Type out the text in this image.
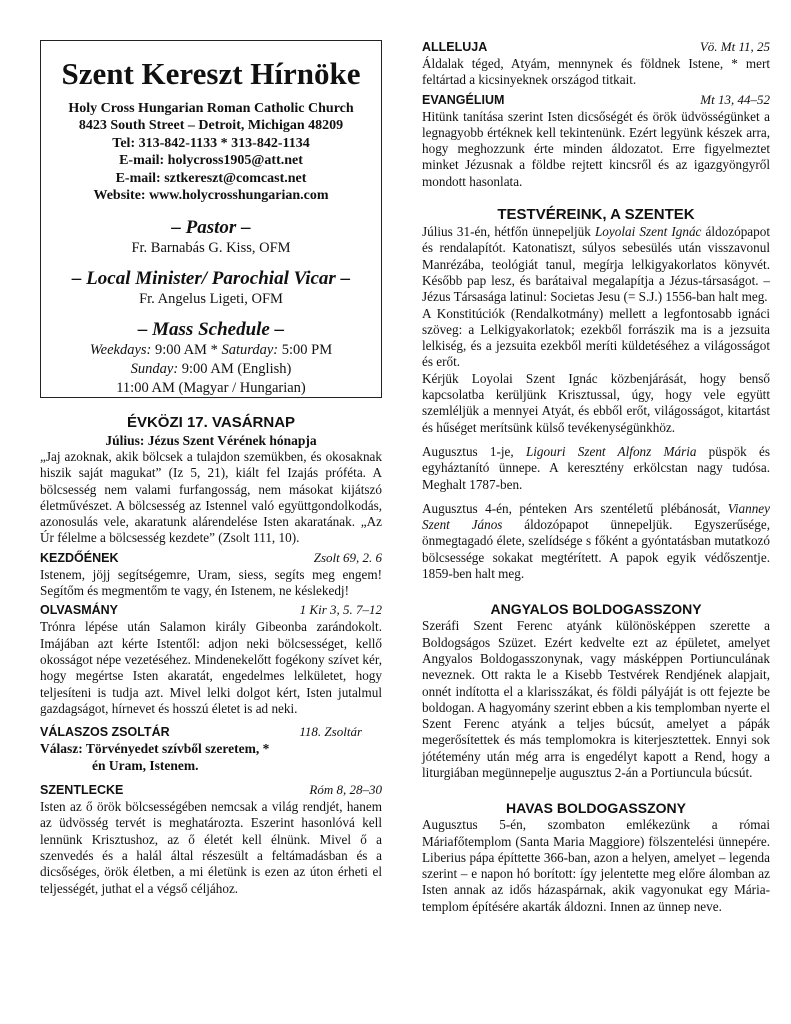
Szent Kereszt Hírnöke
Holy Cross Hungarian Roman Catholic Church
8423 South Street – Detroit, Michigan 48209
Tel: 313-842-1133 * 313-842-1134
E-mail: holycross1905@att.net
E-mail: sztkereszt@comcast.net
Website: www.holycrosshungarian.com
– Pastor –
Fr. Barnabás G. Kiss, OFM
– Local Minister/ Parochial Vicar –
Fr. Angelus Ligeti, OFM
– Mass Schedule –
Weekdays: 9:00 AM * Saturday: 5:00 PM
Sunday: 9:00 AM (English)
11:00 AM (Magyar / Hungarian)
ÉVKÖZI 17. VASÁRNAP
Július: Jézus Szent Vérének hónapja

„Jaj azoknak, akik bölcsek a tulajdon szemükben, és okosaknak hiszik saját magukat” (Iz 5, 21), kiált fel Izajás próféta. A bölcsesség nem valami furfangosság, nem másokat kijátszó életművészet. A bölcsesség az Istennel való együttgondolkodás, azonosulás vele, akaratunk alárendelése Isten akaratának. „Az Úr félelme a bölcsesség kezdete” (Zsolt 111, 10).

KEZDŐÉNEK	Zsolt 69, 2. 6

Istenem, jöjj segítségemre, Uram, siess, segíts meg engem! Segítőm és megmentőm te vagy, én Istenem, ne késlekedj!

OLVASMÁNY	1 Kir 3, 5. 7–12

Trónra lépése után Salamon király Gibeonba zarándokolt. Imájában azt kérte Istentől: adjon neki bölcsességet, kellő okosságot népe vezetéséhez. Mindenekelőtt fogékony szívet kér, hogy megértse Isten akaratát, engedelmes lelkületet, hogy teljesíteni is tudja azt. Mivel lelki dolgot kért, Isten jutalmul gazdagságot, hírnevet és hosszú életet is ad neki.

VÁLASZOS ZSOLTÁR	118. Zsoltár
Válasz: Törvényedet szívből szeretem, *
én Uram, Istenem.
SZENTLECKE	Róm 8, 28–30

Isten az ő örök bölcsességében nemcsak a világ rendjét, hanem az üdvösség tervét is meghatározta. Eszerint hasonlóvá kell lennünk Krisztushoz, az ő életét kell élnünk. Mivel ő a szenvedés és a halál által részesült a feltámadásban és a dicsőséges, örök életben, a mi életünk is ezen az úton érheti el teljességét, juthat el a végső céljához.

ALLELUJA	Vö. Mt 11, 25

Áldalak téged, Atyám, mennynek és földnek Istene, * mert feltártad a kicsinyeknek országod titkait.

EVANGÉLIUM	Mt 13, 44–52

Hitünk tanítása szerint Isten dicsőségét és örök üdvösségünket a legnagyobb értéknek kell tekintenünk. Ezért legyünk készek arra, hogy meghozzunk érte minden áldozatot. Erre figyelmeztet minket Jézusnak a földbe rejtett kincsről és az igazgyöngyről mondott hasonlata.

TESTVÉREINK, A SZENTEK

Július 31-én, hétfőn ünnepeljük Loyolai Szent Ignác áldozópapot és rendalapítót. Katonatiszt, súlyos sebesülés után visszavonul Manrézába, teológiát tanul, megírja lelkigyakorlatos könyvét. Később pap lesz, és barátaival megalapítja a Jézus-társaságot. – Jézus Társasága latinul: Societas Jesu (= S.J.) 1556-ban halt meg.

A Konstitúciók (Rendalkotmány) mellett a legfontosabb ignáci szöveg: a Lelkigyakorlatok; ezekből forrászik ma is a jezsuita lelkiség, és a jezsuita ezekből meríti küldetéséhez a világosságot és erőt.

Kérjük Loyolai Szent Ignác közbenjárását, hogy benső kapcsolatba kerüljünk Krisztussal, úgy, hogy vele együtt szemléljük a mennyei Atyát, és ebből erőt, világosságot, kitartást és hűséget merítsünk külső tevékenységünkhöz.

Augusztus 1-je, Ligouri Szent Alfonz Mária püspök és egyháztanító ünnepe. A keresztény erkölcstan nagy tudósa. Meghalt 1787-ben.

Augusztus 4-én, pénteken Ars szentéletű plébánosát, Vianney Szent János áldozópapot ünnepeljük. Egyszerűsége, önmegtagadó élete, szelídsége s főként a gyóntatásban mutatkozó bölcsessége sokakat megtérített. A papok egyik védőszentje. 1859-ben halt meg.

ANGYALOS BOLDOGASSZONY

Szeráfi Szent Ferenc atyánk különösképpen szerette a Boldogságos Szüzet. Ezért kedvelte ezt az épületet, amelyet Angyalos Boldogasszonynak, vagy másképpen Portiunculának neveznek. Ott rakta le a Kisebb Testvérek Rendjének alapjait, onnét indította el a klarisszákat, és földi pályáját is ott fejezte be boldogan. A hagyomány szerint ebben a kis templomban nyerte el Szent Ferenc atyánk a teljes búcsút, amelyet a pápák megerősítettek és más templomokra is kiterjesztettek. Ennyi sok jótétemény után még arra is engedélyt kapott a Rend, hogy a liturgiában megünnepelje augusztus 2-án a Portiuncula búcsút.

HAVAS BOLDOGASSZONY

Augusztus 5-én, szombaton emlékezünk a római Máriafőtemplom (Santa Maria Maggiore) fölszentelési ünnepére. Liberius pápa építtette 366-ban, azon a helyen, amelyet – legenda szerint – e napon hó borított: így jelentette meg előre álomban az Isten annak az idős házaspárnak, akik vagyonukat egy Mária-templom építésére akarták áldozni. Innen az ünnep neve.
